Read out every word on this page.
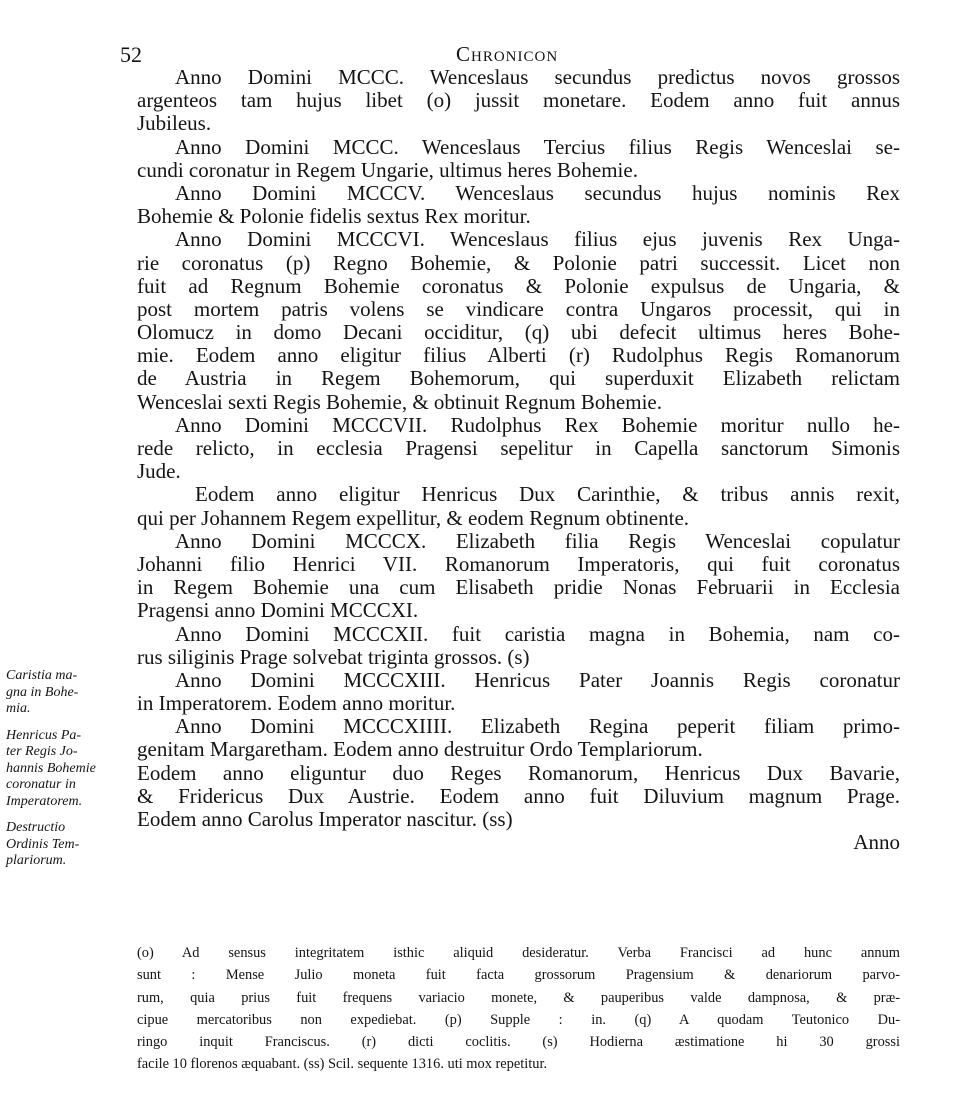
52	Chronicon
Anno Domini MCCC. Wenceslaus secundus predictus novos grossos
argenteos tam hujus libet (o) jussit monetare. Eodem anno fuit annus
Jubileus.
Anno Domini MCCC. Wenceslaus Tercius filius Regis Wenceslai se-
cundi coronatur in Regem Ungarie, ultimus heres Bohemie.
Anno Domini MCCCV. Wenceslaus secundus hujus nominis Rex
Bohemie & Polonie fidelis sextus Rex moritur.
Anno Domini MCCCVI. Wenceslaus filius ejus juvenis Rex Unga-
rie coronatus (p) Regno Bohemie, & Polonie patri successit. Licet non
fuit ad Regnum Bohemie coronatus & Polonie expulsus de Ungaria, &
post mortem patris volens se vindicare contra Ungaros processit, qui in
Olomucz in domo Decani occiditur, (q) ubi defecit ultimus heres Bohe-
mie. Eodem anno eligitur filius Alberti (r) Rudolphus Regis Romanorum
de Austria in Regem Bohemorum, qui superduxit Elizabeth relictam
Wenceslai sexti Regis Bohemie, & obtinuit Regnum Bohemie.
Anno Domini MCCCVII. Rudolphus Rex Bohemie moritur nullo he-
rede relicto, in ecclesia Pragensi sepelitur in Capella sanctorum Simonis
Jude.
Eodem anno eligitur Henricus Dux Carinthie, & tribus annis rexit,
qui per Johannem Regem expellitur, & eodem Regnum obtinente.
Anno Domini MCCCX. Elizabeth filia Regis Wenceslai copulatur
Johanni filio Henrici VII. Romanorum Imperatoris, qui fuit coronatus
in Regem Bohemie una cum Elisabeth pridie Nonas Februarii in Ecclesia
Pragensi anno Domini MCCCXI.
Anno Domini MCCCXII. fuit caristia magna in Bohemia, nam co-
rus siliginis Prage solvebat triginta grossos. (s)
Anno Domini MCCCXIII. Henricus Pater Joannis Regis coronatur
in Imperatorem. Eodem anno moritur.
Anno Domini MCCCXIIII. Elizabeth Regina peperit filiam primo-
genitam Margaretham. Eodem anno destruitur Ordo Templariorum.
Eodem anno eliguntur duo Reges Romanorum, Henricus Dux Bavarie,
& Fridericus Dux Austrie. Eodem anno fuit Diluvium magnum Prage.
Eodem anno Carolus Imperator nascitur. (ss)
Anno
Caristia ma-
gna in Bohe-
mia.
Henricus Pa-
ter Regis Jo-
hannis Bohemie
coronatur in
Imperatorem.
Destructio
Ordinis Tem-
plariorum.
(o) Ad sensus integritatem isthic aliquid desideratur. Verba Francisci ad hunc annum
sunt : Mense Julio moneta fuit facta grossorum Pragensium & denariorum parvo-
rum, quia prius fuit frequens variacio monete, & pauperibus valde dampnosa, & præ-
cipue mercatoribus non expediebat. (p) Supple : in. (q) A quodam Teutonico Du-
ringo inquit Franciscus. (r) dicti coclitis. (s) Hodierna æstimatione hi 30 grossi
facile 10 florenos æquabant. (ss) Scil. sequente 1316. uti mox repetitur.
